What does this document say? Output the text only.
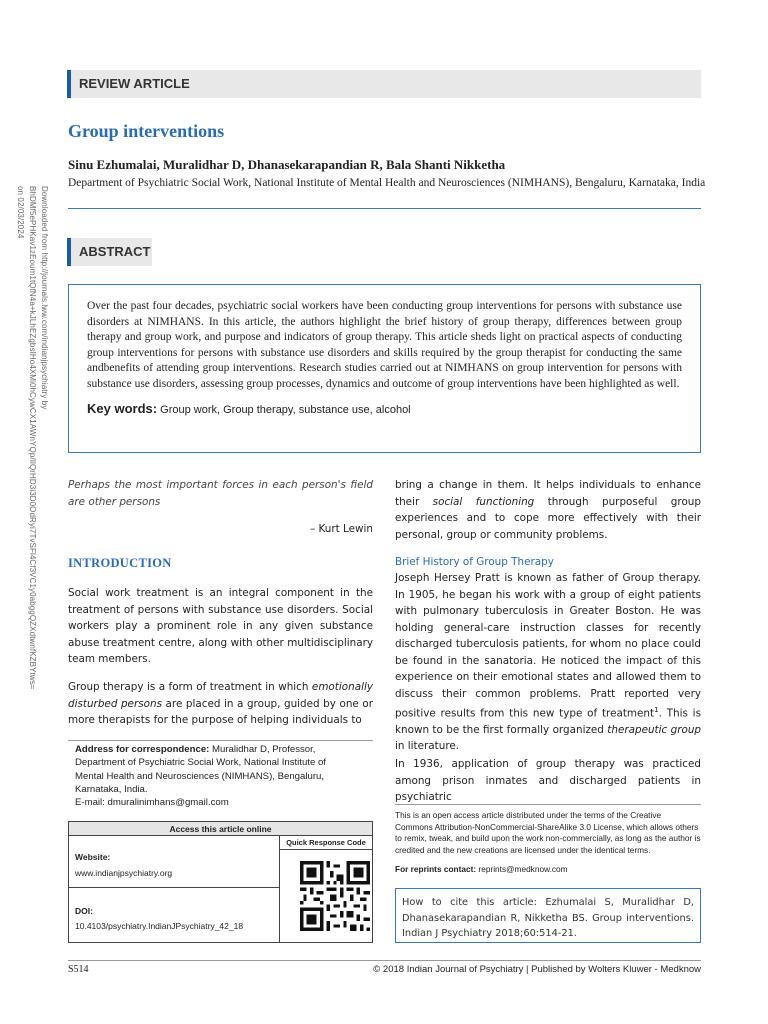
Downloaded from http://journals.lww.com/indianjpsychiatry by BhDMf5ePHKav1zEoum1tQfN4a+kJLhEZgbsIHo4XMi0hCywCX1AWnYQp/IlQrHD3i3D0OdRyi7TvSFl4Cf3VC1y0abggQZXdtwnfKZBYtws= on 02/03/2024
REVIEW ARTICLE
Group interventions
Sinu Ezhumalai, Muralidhar D, Dhanasekarapandian R, Bala Shanti Nikketha
Department of Psychiatric Social Work, National Institute of Mental Health and Neurosciences (NIMHANS), Bengaluru, Karnataka, India
ABSTRACT
Over the past four decades, psychiatric social workers have been conducting group interventions for persons with substance use disorders at NIMHANS. In this article, the authors highlight the brief history of group therapy, differences between group therapy and group work, and purpose and indicators of group therapy. This article sheds light on practical aspects of conducting group interventions for persons with substance use disorders and skills required by the group therapist for conducting the same andbenefits of attending group interventions. Research studies carried out at NIMHANS on group intervention for persons with substance use disorders, assessing group processes, dynamics and outcome of group interventions have been highlighted as well.
Key words: Group work, Group therapy, substance use, alcohol
Perhaps the most important forces in each person's field are other persons
– Kurt Lewin
INTRODUCTION
Social work treatment is an integral component in the treatment of persons with substance use disorders. Social workers play a prominent role in any given substance abuse treatment centre, along with other multidisciplinary team members.
Group therapy is a form of treatment in which emotionally disturbed persons are placed in a group, guided by one or more therapists for the purpose of helping individuals to
bring a change in them. It helps individuals to enhance their social functioning through purposeful group experiences and to cope more effectively with their personal, group or community problems.
Brief History of Group Therapy
Joseph Hersey Pratt is known as father of Group therapy. In 1905, he began his work with a group of eight patients with pulmonary tuberculosis in Greater Boston. He was holding general-care instruction classes for recently discharged tuberculosis patients, for whom no place could be found in the sanatoria. He noticed the impact of this experience on their emotional states and allowed them to discuss their common problems. Pratt reported very positive results from this new type of treatment$^1$. This is known to be the first formally organized therapeutic group in literature.
In 1936, application of group therapy was practiced among prison inmates and discharged patients in psychiatric
Address for correspondence: Muralidhar D, Professor,
Department of Psychiatric Social Work, National Institute of
Mental Health and Neurosciences (NIMHANS), Bengaluru,
Karnataka, India.
E-mail: dmuralinimhans@gmail.com
Access this article online
Website:
www.indianjpsychiatry.org
DOI:
10.4103/psychiatry.IndianJPsychiatry_42_18
Quick Response Code
This is an open access article distributed under the terms of the Creative Commons Attribution-NonCommercial-ShareAlike 3.0 License, which allows others to remix, tweak, and build upon the work non-commercially, as long as the author is credited and the new creations are licensed under the identical terms.
For reprints contact: reprints@medknow.com
How to cite this article: Ezhumalai S, Muralidhar D, Dhanasekarapandian R, Nikketha BS. Group interventions. Indian J Psychiatry 2018;60:514-21.
S514	© 2018 Indian Journal of Psychiatry | Published by Wolters Kluwer - Medknow
